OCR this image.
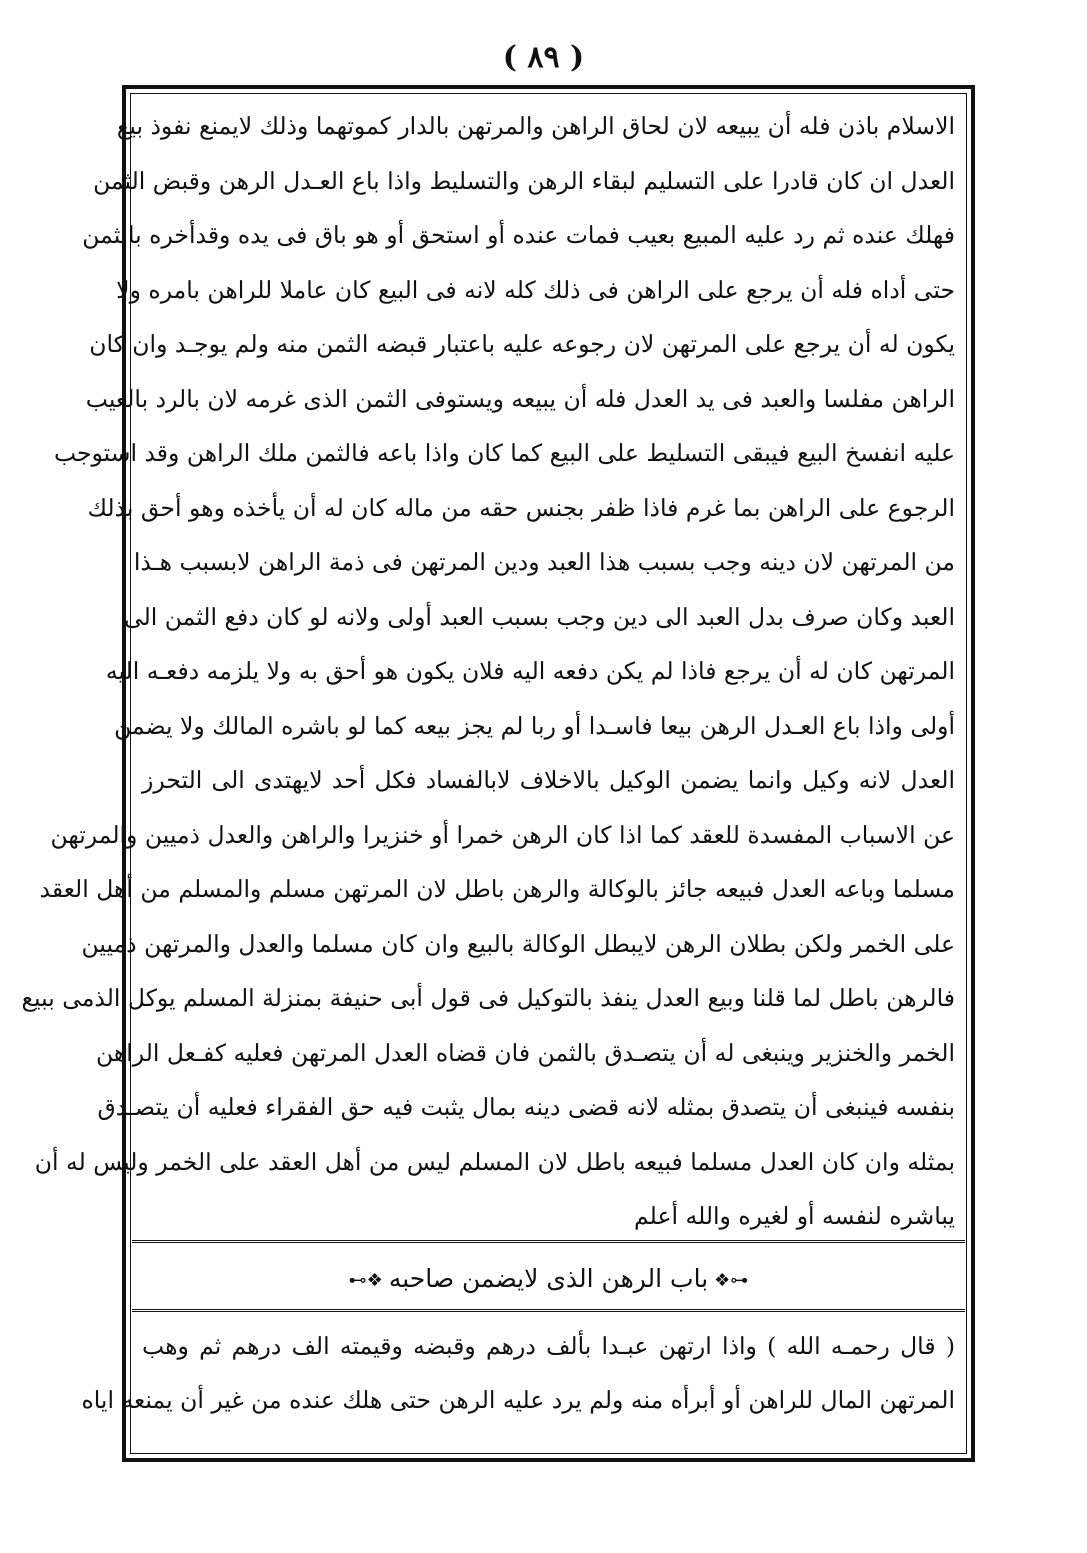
( ٨٩ )
الاسلام باذن فله أن يبيعه لان لحاق الراهن والمرتهن بالدار كموتهما وذلك لايمنع نفوذ بيع
العدل ان كان قادرا على التسليم لبقاء الرهن والتسليط واذا باع العـدل الرهن وقبض الثمن
فهلك عنده ثم رد عليه المبيع بعيب فمات عنده أو استحق أو هو باق فى يده وقدأخره بالثمن
حتى أداه فله أن يرجع على الراهن فى ذلك كله لانه فى البيع كان عاملا للراهن بامره ولا
يكون له أن يرجع على المرتهن لان رجوعه عليه باعتبار قبضه الثمن منه ولم يوجـد وان كان
الراهن مفلسا والعبد فى يد العدل فله أن يبيعه ويستوفى الثمن الذى غرمه لان بالرد بالعيب
عليه انفسخ البيع فيبقى التسليط على البيع كما كان واذا باعه فالثمن ملك الراهن وقد استوجب
الرجوع على الراهن بما غرم فاذا ظفر بجنس حقه من ماله كان له أن يأخذه وهو أحق بذلك
من المرتهن لان دينه وجب بسبب هذا العبد ودين المرتهن فى ذمة الراهن لابسبب هـذا
العبد وكان صرف بدل العبد الى دين وجب بسبب العبد أولى ولانه لو كان دفع الثمن الى
المرتهن كان له أن يرجع فاذا لم يكن دفعه اليه فلان يكون هو أحق به ولا يلزمه دفعـه اليه
أولى واذا باع العـدل الرهن بيعا فاسـدا أو ربا لم يجز بيعه كما لو باشره المالك ولا يضمن
العدل لانه وكيل وانما يضمن الوكيل بالاخلاف لابالفساد فكل أحد لايهتدى الى التحرز
عن الاسباب المفسدة للعقد كما اذا كان الرهن خمرا أو خنزيرا والراهن والعدل ذميين والمرتهن
مسلما وباعه العدل فبيعه جائز بالوكالة والرهن باطل لان المرتهن مسلم والمسلم من أهل العقد
على الخمر ولكن بطلان الرهن لايبطل الوكالة بالبيع وان كان مسلما والعدل والمرتهن ذميين
فالرهن باطل لما قلنا وبيع العدل ينفذ بالتوكيل فى قول أبى حنيفة بمنزلة المسلم يوكل الذمى ببيع
الخمر والخنزير وينبغى له أن يتصـدق بالثمن فان قضاه العدل المرتهن فعليه كفـعل الراهن
بنفسه فينبغى أن يتصدق بمثله لانه قضى دينه بمال يثبت فيه حق الفقراء فعليه أن يتصـدق
بمثله وان كان العدل مسلما فبيعه باطل لان المسلم ليس من أهل العقد على الخمر وليس له أن
يباشره لنفسه أو لغيره والله أعلم
⊷❖باب الرهن الذى لايضمن صاحبه❖⊶
( قال رحمـه الله ) واذا ارتهن عبـدا بألف درهم وقبضه وقيمته الف درهم ثم وهب
المرتهن المال للراهن أو أبرأه منه ولم يرد عليه الرهن حتى هلك عنده من غير أن يمنعه اياه
